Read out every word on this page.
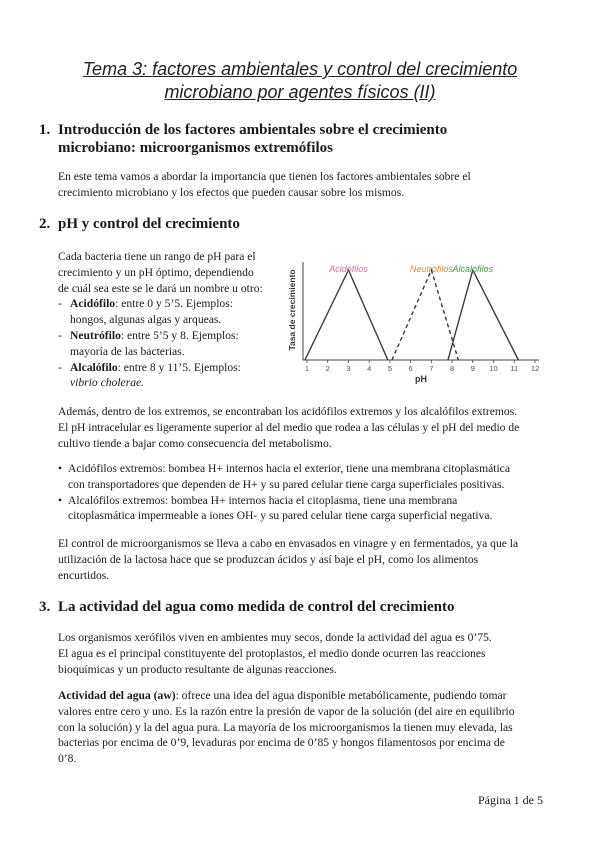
Tema 3: factores ambientales y control del crecimiento
microbiano por agentes físicos (II)
1. Introducción de los factores ambientales sobre el crecimiento
microbiano: microorganismos extremófilos
En este tema vamos a abordar la importancia que tienen los factores ambientales sobre el
crecimiento microbiano y los efectos que pueden causar sobre los mismos.
2. pH y control del crecimiento
Cada bacteria tiene un rango de pH para el
crecimiento y un pH óptimo, dependiendo
de cuál sea este se le dará un nombre u otro:
- Acidófilo: entre 0 y 5’5. Ejemplos:
hongos, algunas algas y arqueas.
- Neutrófilo: entre 5’5 y 8. Ejemplos:
mayoría de las bacterias.
- Alcalófilo: entre 8 y 11’5. Ejemplos:
vibrio cholerae.
Tasa de crecimiento
1 2 3 4 5 6 7 8 9 10 11 12
Acidófilos	Neutrófilos Alcalófilos
pH
Además, dentro de los extremos, se encontraban los acidófilos extremos y los alcalófilos extremos.
El pH intracelular es ligeramente superior al del medio que rodea a las células y el pH del medio de
cultivo tiende a bajar como consecuencia del metabolismo.
• Acidófilos extremos: bombea H+ internos hacia el exterior, tiene una membrana citoplasmática
con transportadores que dependen de H+ y su pared celular tiene carga superficiales positivas.
• Alcalófilos extremos: bombea H+ internos hacia el citoplasma, tiene una membrana
citoplasmática impermeable a iones OH- y su pared celular tiene carga superficial negativa.
El control de microorganismos se lleva a cabo en envasados en vinagre y en fermentados, ya que la
utilización de la lactosa hace que se produzcan ácidos y así baje el pH, como los alimentos
encurtidos.
3. La actividad del agua como medida de control del crecimiento
Los organismos xerófilos viven en ambientes muy secos, donde la actividad del agua es 0’75.
El agua es el principal constituyente del protoplastos, el medio donde ocurren las reacciones
bioquímicas y un producto resultante de algunas reacciones.
Actividad del agua (aw): ofrece una idea del agua disponible metabólicamente, pudiendo tomar
valores entre cero y uno. Es la razón entre la presión de vapor de la solución (del aire en equilibrio
con la solución) y la del agua pura. La mayoría de los microorganismos la tienen muy elevada, las
bacterias por encima de 0’9, levaduras por encima de 0’85 y hongos filamentosos por encima de
0’8.
Página 1 de 5
